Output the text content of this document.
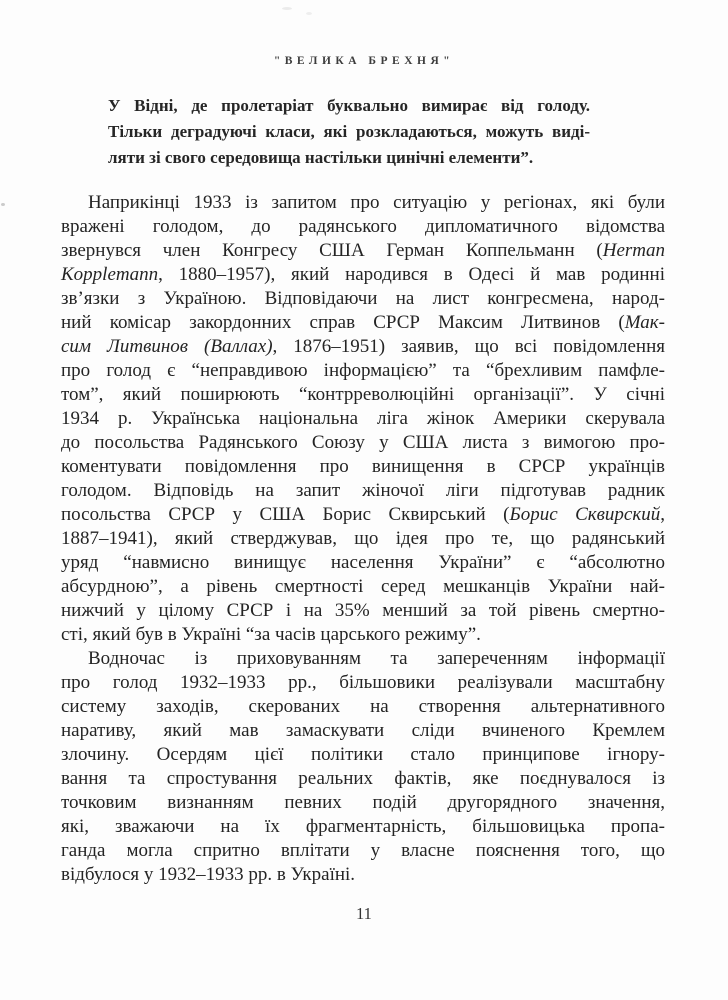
"ВЕЛИКА БРЕХНЯ"
У Відні, де пролетаріат буквально вимирає від голоду.
Тільки деградуючі класи, які розкладаються, можуть виді-
ляти зі свого середовища настільки цинічні елементи”.
Наприкінці 1933 із запитом про ситуацію у регіонах, які були
вражені голодом, до радянського дипломатичного відомства
звернувся член Конгресу США Герман Коппельманн (Herman
Kopplemann, 1880–1957), який народився в Одесі й мав родинні
зв’язки з Україною. Відповідаючи на лист конгресмена, народ-
ний комісар закордонних справ СРСР Максим Литвинов (Мак-
сим Литвинов (Валлах), 1876–1951) заявив, що всі повідомлення
про голод є “неправдивою інформацією” та “брехливим памфле-
том”, який поширюють “контрреволюційні організації”. У січні
1934 р. Українська національна ліга жінок Америки скерувала
до посольства Радянського Союзу у США листа з вимогою про-
коментувати повідомлення про винищення в СРСР українців
голодом. Відповідь на запит жіночої ліги підготував радник
посольства СРСР у США Борис Сквирський (Борис Сквирский,
1887–1941), який стверджував, що ідея про те, що радянський
уряд “навмисно винищує населення України” є “абсолютно
абсурдною”, а рівень смертності серед мешканців України най-
нижчий у цілому СРСР і на 35% менший за той рівень смертно-
сті, який був в Україні “за часів царського режиму”.
Водночас із приховуванням та запереченням інформації
про голод 1932–1933 рр., більшовики реалізували масштабну
систему заходів, скерованих на створення альтернативного
наративу, який мав замаскувати сліди вчиненого Кремлем
злочину. Осердям цієї політики стало принципове ігнору-
вання та спростування реальних фактів, яке поєднувалося із
точковим визнанням певних подій другорядного значення,
які, зважаючи на їх фрагментарність, більшовицька пропа-
ганда могла спритно вплітати у власне пояснення того, що
відбулося у 1932–1933 рр. в Україні.
11
